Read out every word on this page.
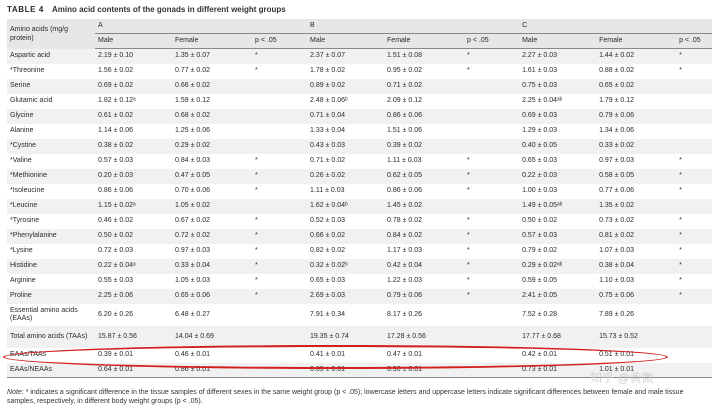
TABLE 4 Amino acid contents of the gonads in different weight groups
Amino acids (mg/g protein)	A			B			C		
	Male	Female	p < .05	Male	Female	p < .05	Male	Female	p < .05
Aspartic acid	2.19 ± 0.10	1.35 ± 0.07	*	2.37 ± 0.07	1.51 ± 0.08	*	2.27 ± 0.03	1.44 ± 0.02	*
*Threonine	1.56 ± 0.02	0.77 ± 0.02	*	1.78 ± 0.02	0.95 ± 0.02	*	1.61 ± 0.03	0.88 ± 0.02	*
Serine	0.69 ± 0.02	0.66 ± 0.02		0.89 ± 0.02	0.71 ± 0.02		0.75 ± 0.03	0.65 ± 0.02	
Glutamic acid	1.82 ± 0.12ᵃ	1.59 ± 0.12		2.48 ± 0.06ᵇ	2.09 ± 0.12		2.25 ± 0.04ᵃᵇ	1.79 ± 0.12	
Glycine	0.61 ± 0.02	0.68 ± 0.02		0.71 ± 0.04	0.86 ± 0.06		0.69 ± 0.03	0.79 ± 0.06	
Alanine	1.14 ± 0.06	1.25 ± 0.06		1.33 ± 0.04	1.51 ± 0.06		1.29 ± 0.03	1.34 ± 0.06	
*Cystine	0.38 ± 0.02	0.29 ± 0.02		0.43 ± 0.03	0.39 ± 0.02		0.40 ± 0.05	0.33 ± 0.02	
*Valine	0.57 ± 0.03	0.84 ± 0.03	*	0.71 ± 0.02	1.11 ± 0.03	*	0.65 ± 0.03	0.97 ± 0.03	*
*Methionine	0.20 ± 0.03	0.47 ± 0.05	*	0.26 ± 0.02	0.62 ± 0.05	*	0.22 ± 0.03	0.58 ± 0.05	*
*Isoleucine	0.86 ± 0.06	0.70 ± 0.06	*	1.11 ± 0.03	0.86 ± 0.06	*	1.00 ± 0.03	0.77 ± 0.06	*
*Leucine	1.15 ± 0.02ᵃ	1.05 ± 0.02		1.62 ± 0.04ᵇ	1.45 ± 0.02		1.49 ± 0.05ᵃᵇ	1.35 ± 0.02	
*Tyrosine	0.46 ± 0.02	0.67 ± 0.02	*	0.52 ± 0.03	0.78 ± 0.02	*	0.50 ± 0.02	0.73 ± 0.02	*
*Phenylalanine	0.50 ± 0.02	0.72 ± 0.02	*	0.66 ± 0.02	0.84 ± 0.02	*	0.57 ± 0.03	0.81 ± 0.02	*
*Lysine	0.72 ± 0.03	0.97 ± 0.03	*	0.82 ± 0.02	1.17 ± 0.03	*	0.79 ± 0.02	1.07 ± 0.03	*
Histidine	0.22 ± 0.04ᵃ	0.33 ± 0.04	*	0.32 ± 0.02ᵇ	0.42 ± 0.04	*	0.29 ± 0.02ᵃᵇ	0.38 ± 0.04	*
Arginine	0.55 ± 0.03	1.05 ± 0.03	*	0.65 ± 0.03	1.22 ± 0.03	*	0.59 ± 0.05	1.10 ± 0.03	*
Proline	2.25 ± 0.06	0.65 ± 0.06	*	2.69 ± 0.03	0.79 ± 0.06	*	2.41 ± 0.05	0.75 ± 0.06	*
Essential amino acids (EAAs)	6.20 ± 0.26	6.48 ± 0.27		7.91 ± 0.34	8.17 ± 0.26		7.52 ± 0.28	7.89 ± 0.26	
Total amino acids (TAAs)	15.87 ± 0.56	14.04 ± 0.69		19.35 ± 0.74	17.28 ± 0.56		17.77 ± 0.68	15.73 ± 0.52	
EAAs/TAAs	0.39 ± 0.01	0.46 ± 0.01		0.41 ± 0.01	0.47 ± 0.01		0.42 ± 0.01	0.51 ± 0.01	
EAAs/NEAAs	0.64 ± 0.01	0.86 ± 0.01		0.69 ± 0.01	0.90 ± 0.01		0.73 ± 0.01	1.01 ± 0.01	
知乎 @黄微
Note: * indicates a significant difference in the tissue samples of different sexes in the same weight group (p < .05); lowercase letters and uppercase letters indicate significant differences between female and male tissue samples, respectively, in different body weight groups (p < .05).
